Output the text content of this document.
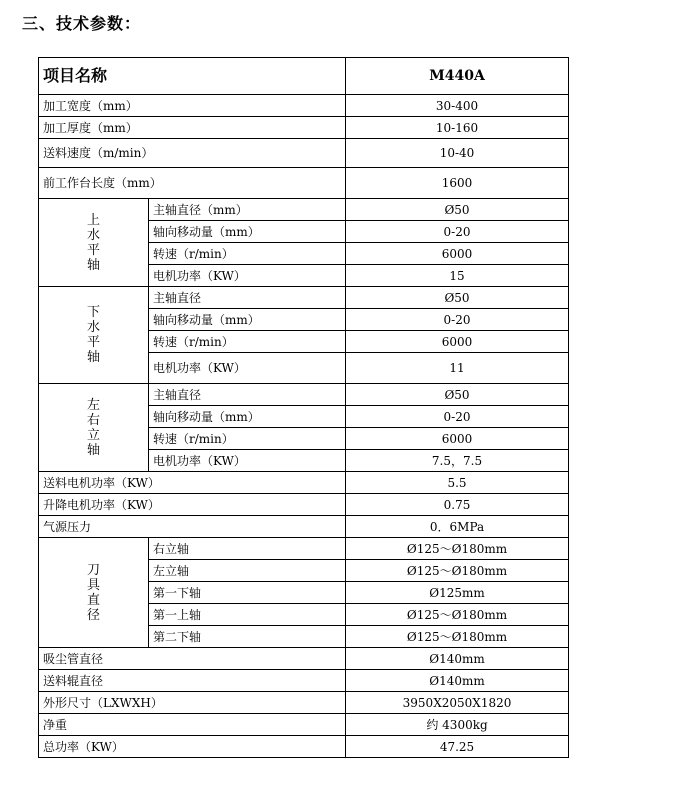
三、技术参数：
项目名称		M440A
加工宽度（mm）		30-400
加工厚度（mm）		10-160
送料速度（m/min）		10-40
前工作台长度（mm）		1600
上水平轴	主轴直径（mm）	Ø50
	轴向移动量（mm）	0-20
	转速（r/min）	6000
	电机功率（KW）	15
下水平轴	主轴直径	Ø50
	轴向移动量（mm）	0-20
	转速（r/min）	6000
	电机功率（KW）	11
左右立轴	主轴直径	Ø50
	轴向移动量（mm）	0-20
	转速（r/min）	6000
	电机功率（KW）	7.5，7.5
送料电机功率（KW）		5.5
升降电机功率（KW）		0.75
气源压力		0．6MPa
刀具直径	右立轴	Ø125～Ø180mm
	左立轴	Ø125～Ø180mm
	第一下轴	Ø125mm
	第一上轴	Ø125～Ø180mm
	第二下轴	Ø125～Ø180mm
吸尘管直径		Ø140mm
送料辊直径		Ø140mm
外形尺寸（LXWXH）		3950X2050X1820
净重		约 4300kg
总功率（KW）		47.25
